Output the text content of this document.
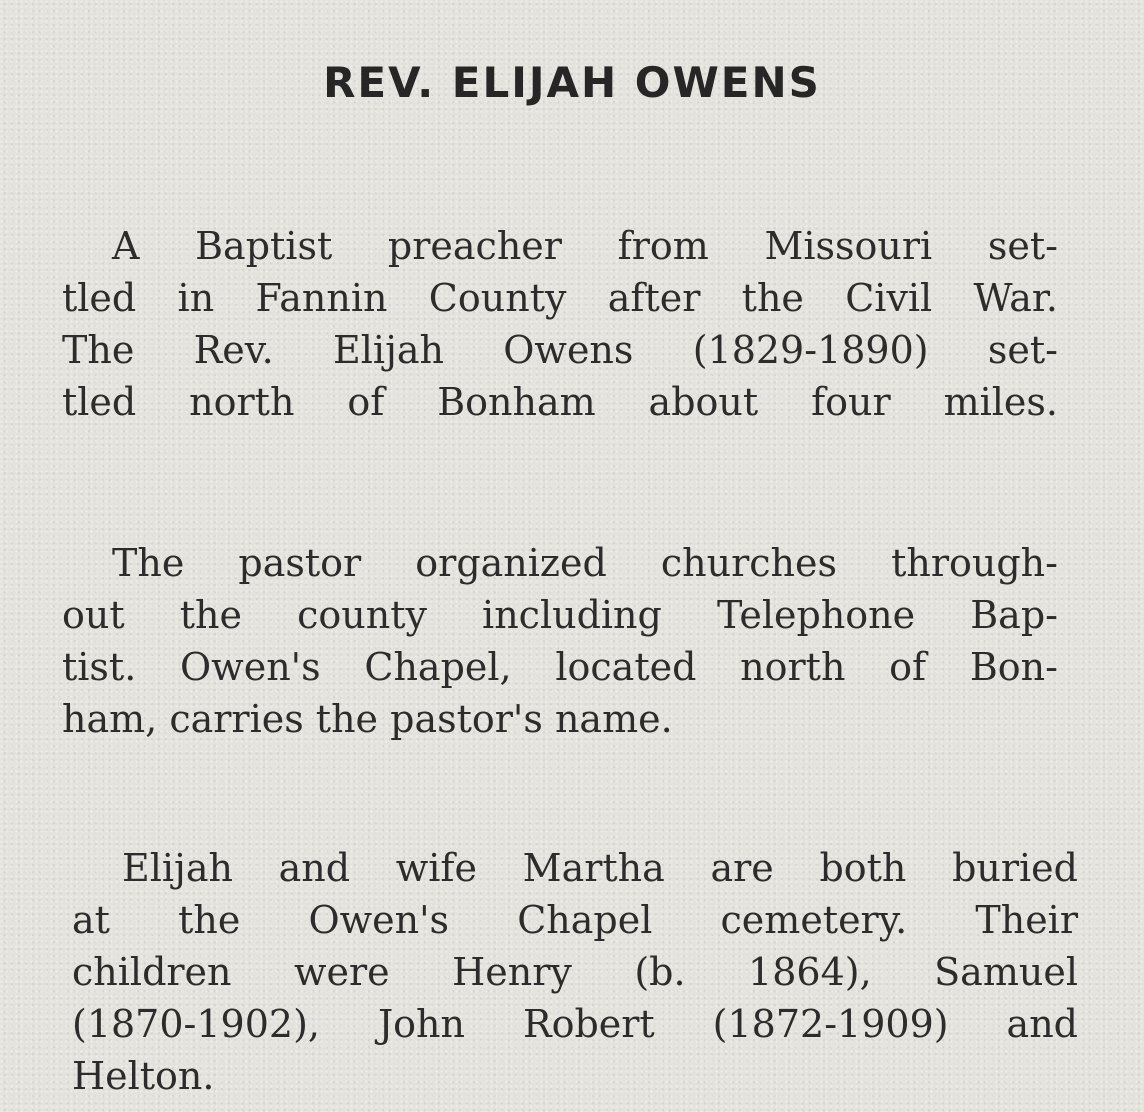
REV. ELIJAH OWENS

A Baptist preacher from Missouri set-
tled in Fannin County after the Civil War.
The Rev. Elijah Owens (1829-1890) set-
tled north of Bonham about four miles.

The pastor organized churches through-
out the county including Telephone Bap-
tist. Owen's Chapel, located north of Bon-
ham, carries the pastor's name.

Elijah and wife Martha are both buried
at the Owen's Chapel cemetery. Their
children were Henry (b. 1864), Samuel
(1870-1902), John Robert (1872-1909) and
Helton.
